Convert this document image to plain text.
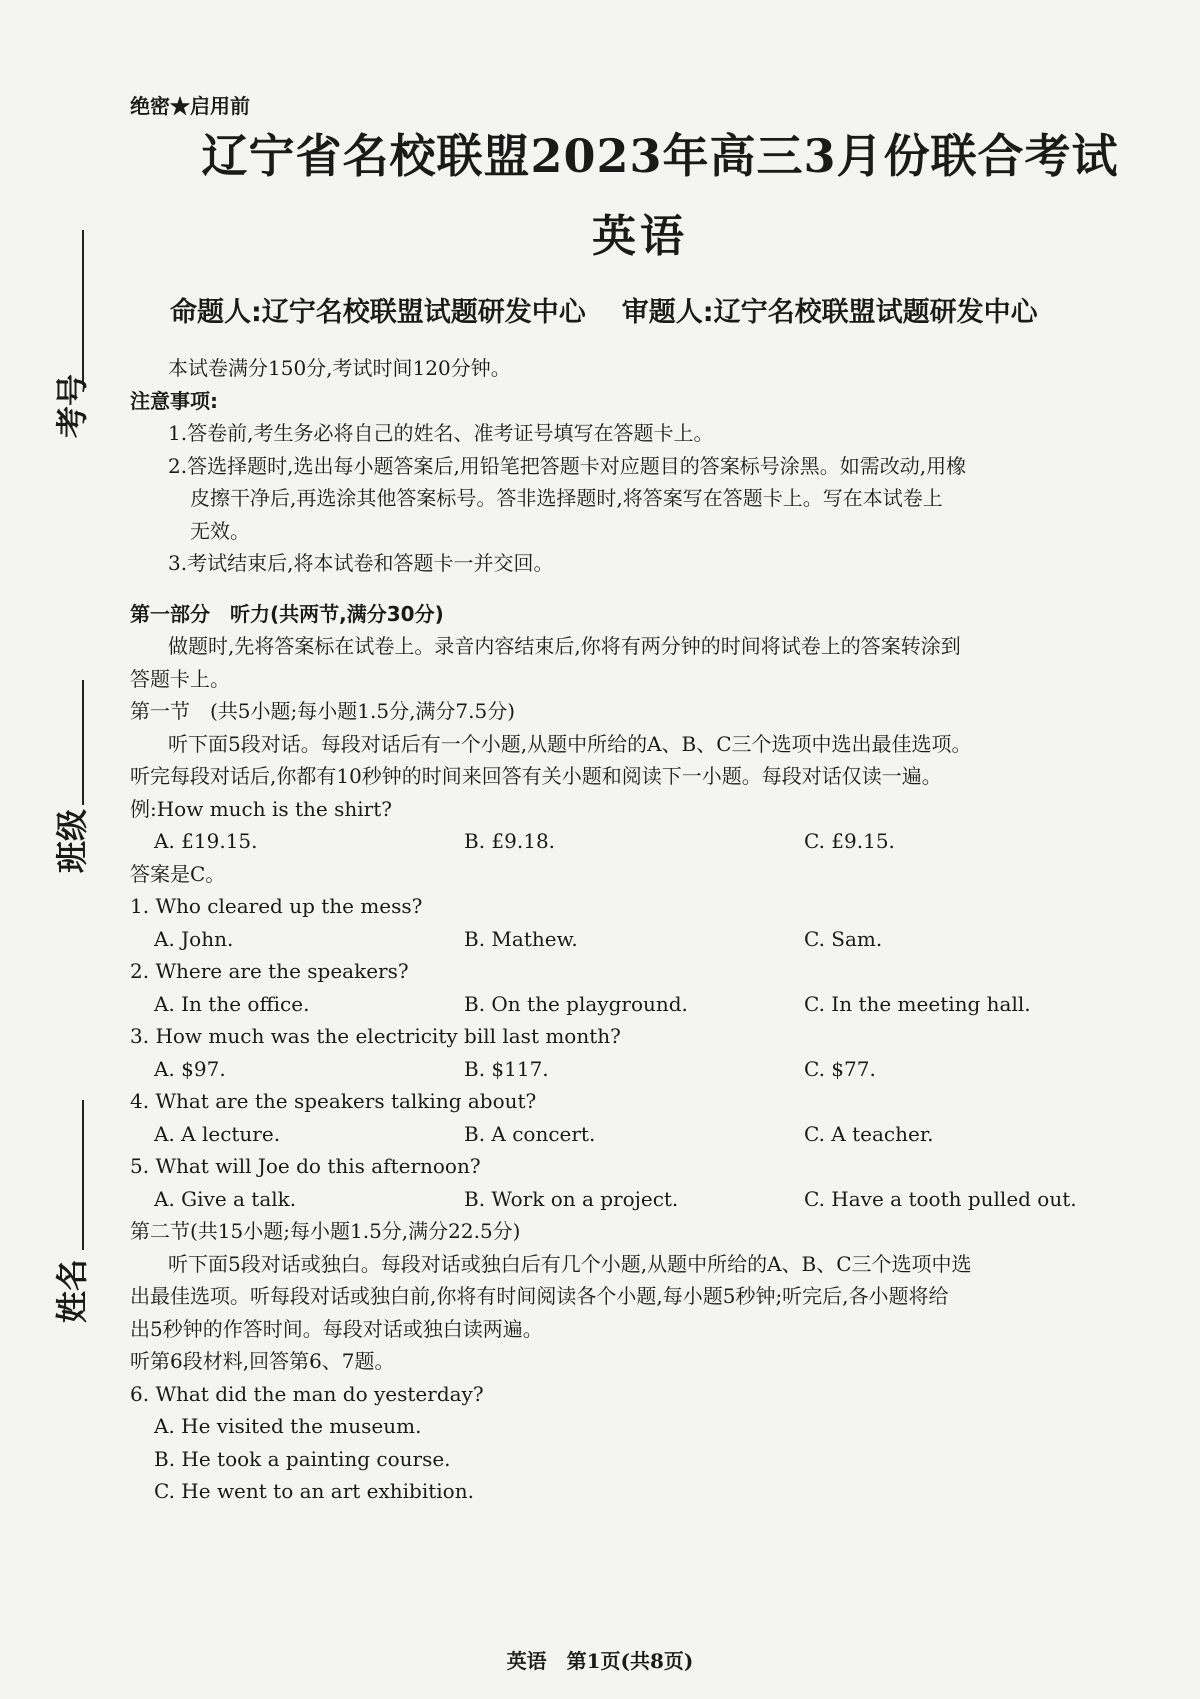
考号
班级
姓名
绝密★启用前
辽宁省名校联盟2023年高三3月份联合考试
英语
命题人:辽宁名校联盟试题研发中心 审题人:辽宁名校联盟试题研发中心

本试卷满分150分,考试时间120分钟。

注意事项:

1.答卷前,考生务必将自己的姓名、准考证号填写在答题卡上。

2.答选择题时,选出每小题答案后,用铅笔把答题卡对应题目的答案标号涂黑。如需改动,用橡

皮擦干净后,再选涂其他答案标号。答非选择题时,将答案写在答题卡上。写在本试卷上

无效。

3.考试结束后,将本试卷和答题卡一并交回。

第一部分　听力(共两节,满分30分)

做题时,先将答案标在试卷上。录音内容结束后,你将有两分钟的时间将试卷上的答案转涂到

答题卡上。

第一节　(共5小题;每小题1.5分,满分7.5分)

听下面5段对话。每段对话后有一个小题,从题中所给的A、B、C三个选项中选出最佳选项。

听完每段对话后,你都有10秒钟的时间来回答有关小题和阅读下一小题。每段对话仅读一遍。

例:How much is the shirt?

A. £19.15.	B. £9.18.	C. £9.15.

答案是C。

1. Who cleared up the mess?

A. John.	B. Mathew.	C. Sam.

2. Where are the speakers?

A. In the office.	B. On the playground.	C. In the meeting hall.

3. How much was the electricity bill last month?

A. $97.	B. $117.	C. $77.

4. What are the speakers talking about?

A. A lecture.	B. A concert.	C. A teacher.

5. What will Joe do this afternoon?

A. Give a talk.	B. Work on a project.	C. Have a tooth pulled out.

第二节(共15小题;每小题1.5分,满分22.5分)

听下面5段对话或独白。每段对话或独白后有几个小题,从题中所给的A、B、C三个选项中选

出最佳选项。听每段对话或独白前,你将有时间阅读各个小题,每小题5秒钟;听完后,各小题将给

出5秒钟的作答时间。每段对话或独白读两遍。

听第6段材料,回答第6、7题。

6. What did the man do yesterday?

A. He visited the museum.

B. He took a painting course.

C. He went to an art exhibition.

英语　第1页(共8页)
